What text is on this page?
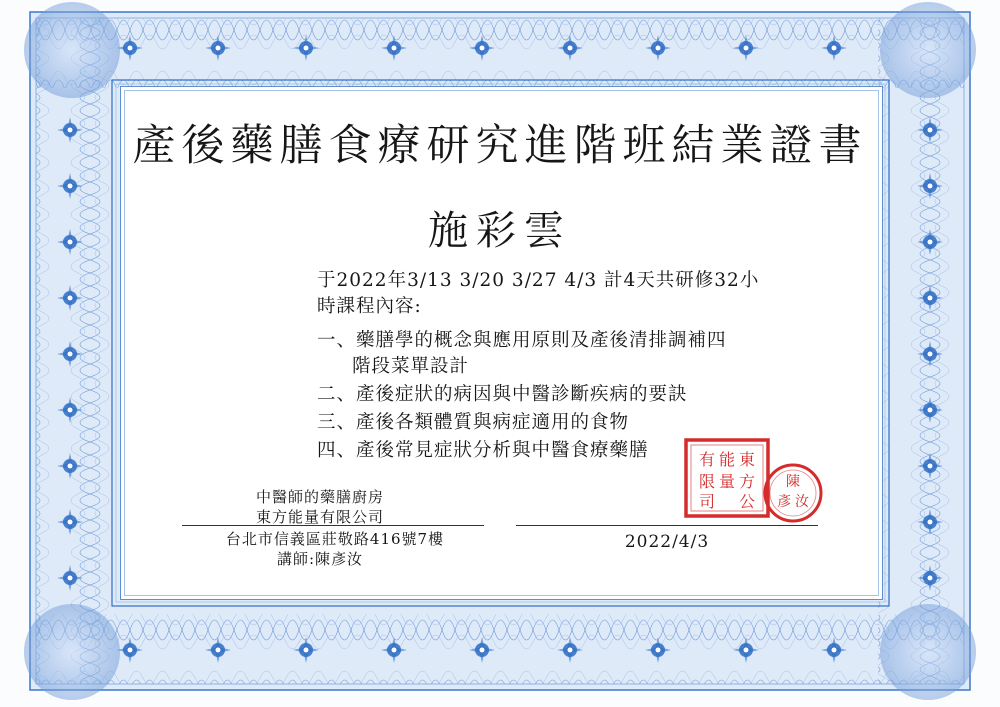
產後藥膳食療研究進階班結業證書
施彩雲
于2022年3/13 3/20 3/27 4/3 計4天共研修32小
時課程內容:
一、藥膳學的概念與應用原則及產後清排調補四
階段菜單設計
二、產後症狀的病因與中醫診斷疾病的要訣
三、產後各類體質與病症適用的食物
四、產後常見症狀分析與中醫食療藥膳
中醫師的藥膳廚房
東方能量有限公司
台北市信義區莊敬路416號7樓
講師:陳彥汝
2022/4/3
東
方
能
量
有
限
公
司
陳
彥 汝
